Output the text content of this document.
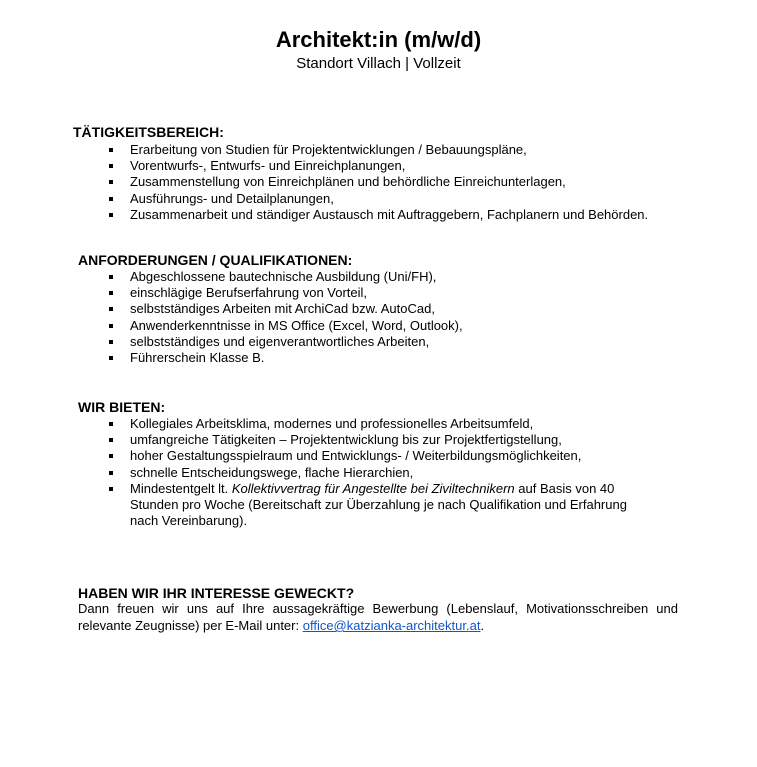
Architekt:in (m/w/d)
Standort Villach | Vollzeit
TÄTIGKEITSBEREICH:
Erarbeitung von Studien für Projektentwicklungen / Bebauungspläne,
Vorentwurfs-, Entwurfs- und Einreichplanungen,
Zusammenstellung von Einreichplänen und behördliche Einreichunterlagen,
Ausführungs- und Detailplanungen,
Zusammenarbeit und ständiger Austausch mit Auftraggebern, Fachplanern und Behörden.
ANFORDERUNGEN / QUALIFIKATIONEN:
Abgeschlossene bautechnische Ausbildung (Uni/FH),
einschlägige Berufserfahrung von Vorteil,
selbstständiges Arbeiten mit ArchiCad bzw. AutoCad,
Anwenderkenntnisse in MS Office (Excel, Word, Outlook),
selbstständiges und eigenverantwortliches Arbeiten,
Führerschein Klasse B.
WIR BIETEN:
Kollegiales Arbeitsklima, modernes und professionelles Arbeitsumfeld,
umfangreiche Tätigkeiten – Projektentwicklung bis zur Projektfertigstellung,
hoher Gestaltungsspielraum und Entwicklungs- / Weiterbildungsmöglichkeiten,
schnelle Entscheidungswege, flache Hierarchien,
Mindestentgelt lt. Kollektivvertrag für Angestellte bei Ziviltechnikern auf Basis von 40 Stunden pro Woche (Bereitschaft zur Überzahlung je nach Qualifikation und Erfahrung nach Vereinbarung).
HABEN WIR IHR INTERESSE GEWECKT?
Dann freuen wir uns auf Ihre aussagekräftige Bewerbung (Lebenslauf, Motivationsschreiben und relevante Zeugnisse) per E-Mail unter: office@katzianka-architektur.at.
